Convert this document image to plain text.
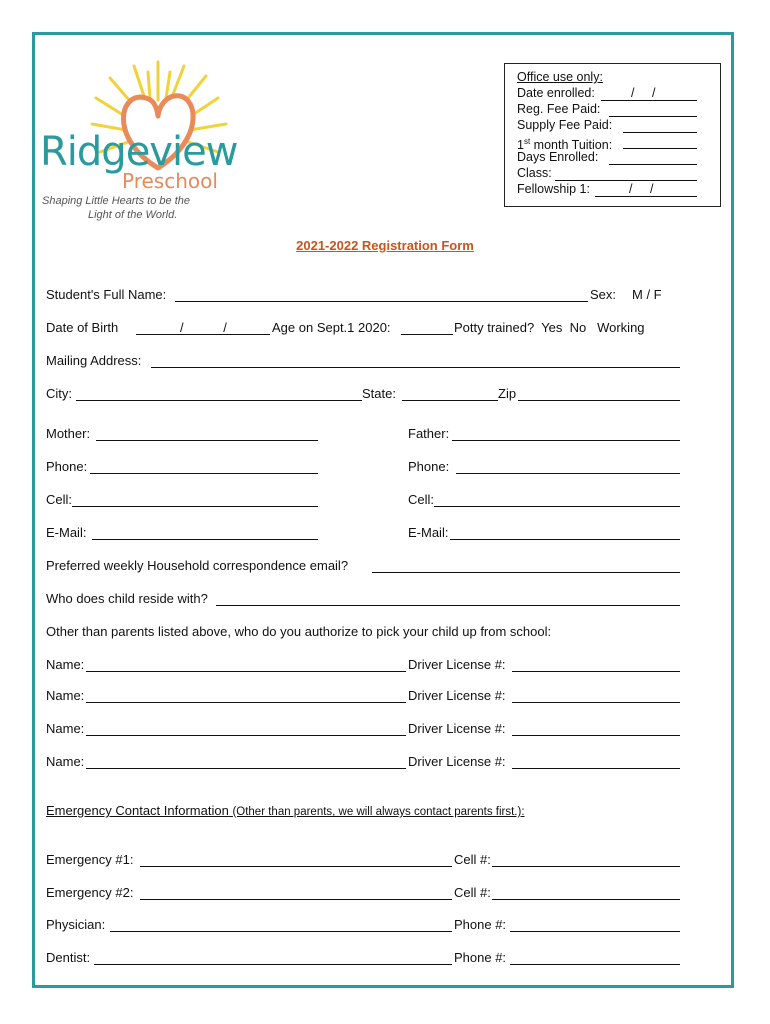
Ridgeview
Preschool
Shaping Little Hearts to be the
Light of the World.
Office use only:
Date enrolled:	/ /
Reg. Fee Paid:
Supply Fee Paid:
1st month Tuition:
Days Enrolled:
Class:
Fellowship 1:	/ /
2021-2022 Registration Form
Student's Full Name:	Sex: M / F
Date of Birth	/ /	Age on Sept.1 2020:	Potty trained?  Yes  No   Working
Mailing Address:
City:	State:	Zip
Mother:	Father:
Phone:	Phone:
Cell:	Cell:
E-Mail:	E-Mail:
Preferred weekly Household correspondence email?
Who does child reside with?
Other than parents listed above, who do you authorize to pick your child up from school:
Name:	Driver License #:
Name:	Driver License #:
Name:	Driver License #:
Name:	Driver License #:
Emergency Contact Information (Other than parents, we will always contact parents first.):
Emergency #1:	Cell #:
Emergency #2:	Cell #:
Physician:	Phone #:
Dentist:	Phone #:
